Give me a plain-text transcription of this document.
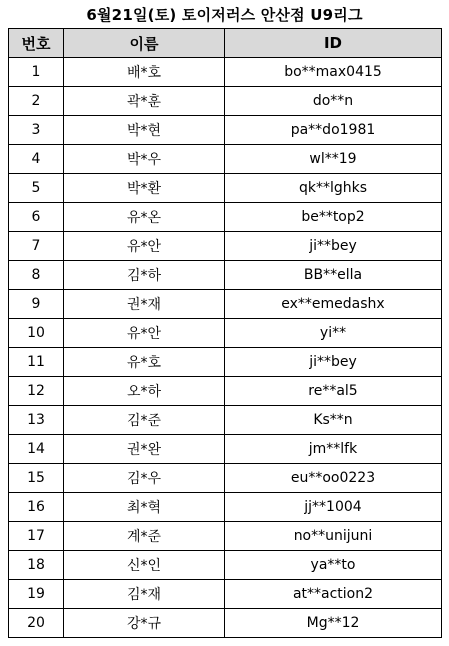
6월21일(토) 토이저러스 안산점 U9리그
번호	이름	ID
1	배*호	bo**max0415
2	곽*훈	do**n
3	박*현	pa**do1981
4	박*우	wl**19
5	박*환	qk**lghks
6	유*온	be**top2
7	유*안	ji**bey
8	김*하	BB**ella
9	권*재	ex**emedashx
10	유*안	yi**
11	유*호	ji**bey
12	오*하	re**al5
13	김*준	Ks**n
14	권*완	jm**lfk
15	김*우	eu**oo0223
16	최*혁	jj**1004
17	계*준	no**unijuni
18	신*인	ya**to
19	김*재	at**action2
20	강*규	Mg**12
